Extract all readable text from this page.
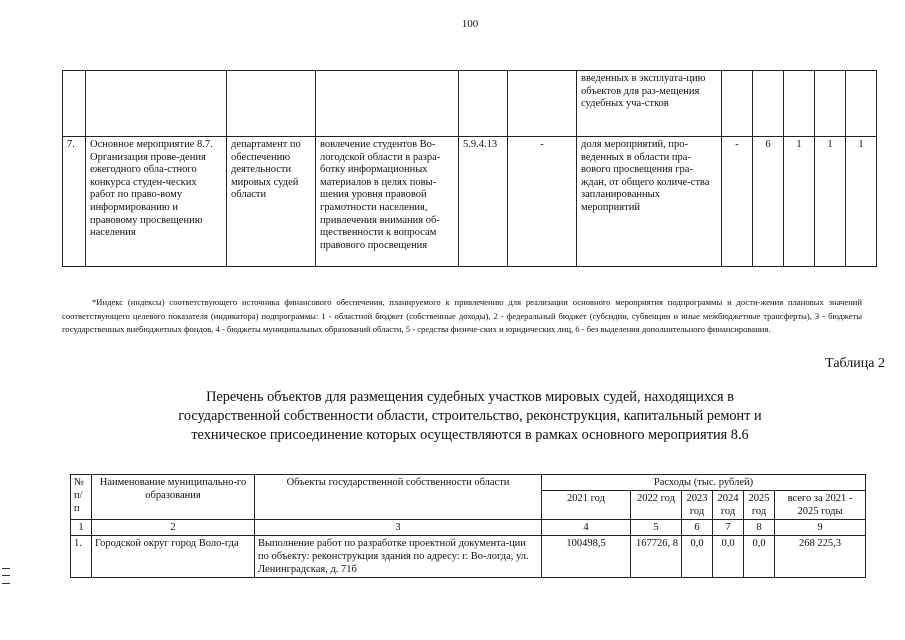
100
						введенных в эксплуата-цию объектов для раз-мещения судебных уча-стков					
7.	Основное мероприятие 8.7. Организация прове-дения ежегодного обла-стного конкурса студен-ческих работ по право-вому информированию и правовому просвещению населения	департамент по обеспечению деятельности мировых судей области	вовлечение студентов Во-логодской области в разра-ботку информационных материалов в целях повы-шения уровня правовой грамотности населения, привлечения внимания об-щественности к вопросам правового просвещения	5.9.4.13	-	доля мероприятий, про-веденных в области пра-вового просвещения гра-ждан, от общего количе-ства запланированных мероприятий	-	6	1	1	1
*Индекс (индексы) соответствующего источника финансового обеспечения, планируемого к привлечению для реализации основного мероприятия подпрограммы и дости-жения плановых значений соответствующего целевого показателя (индикатора) подпрограммы: 1 - областной бюджет (собственные доходы), 2 - федеральный бюджет (субсидии, субвенции и иные межбюджетные трансферты), 3 - бюджеты государственных внебюджетных фондов, 4 - бюджеты муниципальных образований области, 5 - средства физиче-ских и юридических лиц, 6 - без выделения дополнительного финансирования.
Таблица 2
Перечень объектов для размещения судебных участков мировых судей, находящихся в государственной собственности области, строительство, реконструкция, капитальный ремонт и техническое присоединение которых осуществляются в рамках основного мероприятия 8.6
№ п/п	Наименование муниципально-го образования	Объекты государственной собственности области	Расходы (тыс. рублей)					
			2021 год	2022 год	2023 год	2024 год	2025 год	всего за 2021 - 2025 годы
1	2	3	4	5	6	7	8	9
1.	Городской округ город Воло-гда	Выполнение работ по разработке проектной документа-ции по объекту: реконструкция здания по адресу: г. Во-логда, ул. Ленинградская, д. 71б	100498,5	167726, 8	0,0	0,0	0,0	268 225,3
